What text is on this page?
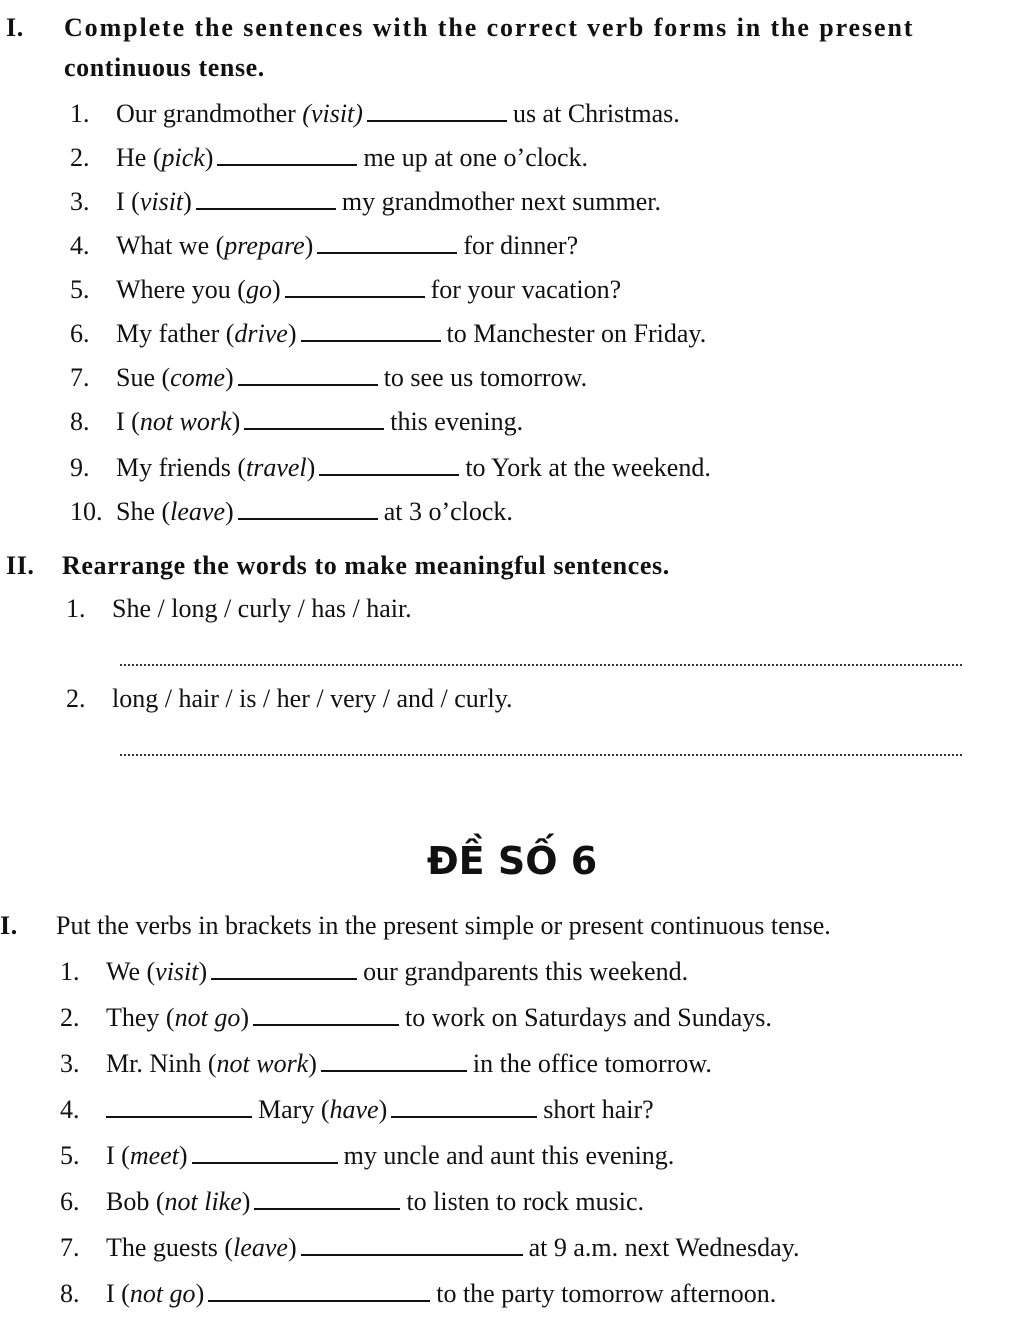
I. Complete the sentences with the correct verb forms in the present
continuous tense.
1. Our grandmother (visit)	us at Christmas.
2. He (pick)	me up at one o’clock.
3. I (visit)	my grandmother next summer.
4. What we (prepare)	for dinner?
5. Where you (go)	for your vacation?
6. My father (drive)	to Manchester on Friday.
7. Sue (come)	to see us tomorrow.
8. I (not work)	this evening.
9. My friends (travel)	to York at the weekend.
10. She (leave)	at 3 o’clock.
II. Rearrange the words to make meaningful sentences.
1. She / long / curly / has / hair.
2. long / hair / is / her / very / and / curly.
ĐỀ SỐ 6
I. Put the verbs in brackets in the present simple or present continuous tense.
1. We (visit)	our grandparents this weekend.
2. They (not go)	to work on Saturdays and Sundays.
3. Mr. Ninh (not work)	in the office tomorrow.
4.	Mary (have)	short hair?
5. I (meet)	my uncle and aunt this evening.
6. Bob (not like)	to listen to rock music.
7. The guests (leave)	at 9 a.m. next Wednesday.
8. I (not go)	to the party tomorrow afternoon.
